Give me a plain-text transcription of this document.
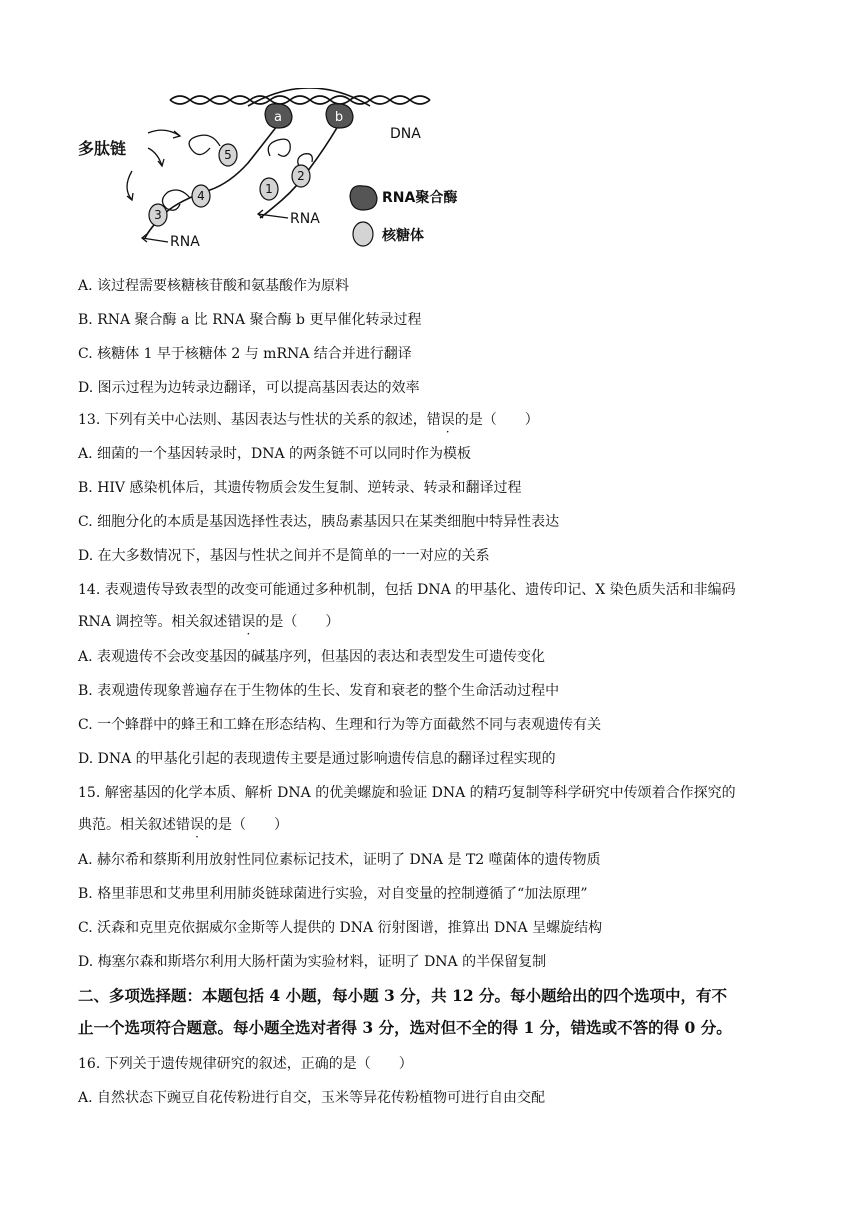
a	b
5
4
3
2
1
多肽链
DNA
RNA
RNA
RNA聚合酶
核糖体
A. 该过程需要核糖核苷酸和氨基酸作为原料
B. RNA 聚合酶 a 比 RNA 聚合酶 b 更早催化转录过程
C. 核糖体 1 早于核糖体 2 与 mRNA 结合并进行翻译
D. 图示过程为边转录边翻译，可以提高基因表达的效率
13. 下列有关中心法则、基因表达与性状的关系的叙述，错误的是（　　）
A. 细菌的一个基因转录时，DNA 的两条链不可以同时作为模板
B. HIV 感染机体后，其遗传物质会发生复制、逆转录、转录和翻译过程
C. 细胞分化的本质是基因选择性表达，胰岛素基因只在某类细胞中特异性表达
D. 在大多数情况下，基因与性状之间并不是简单的一一对应的关系
14. 表观遗传导致表型的改变可能通过多种机制，包括 DNA 的甲基化、遗传印记、X 染色质失活和非编码
RNA 调控等。相关叙述错误的是（　　）
A. 表观遗传不会改变基因的碱基序列，但基因的表达和表型发生可遗传变化
B. 表观遗传现象普遍存在于生物体的生长、发育和衰老的整个生命活动过程中
C. 一个蜂群中的蜂王和工蜂在形态结构、生理和行为等方面截然不同与表观遗传有关
D. DNA 的甲基化引起的表现遗传主要是通过影响遗传信息的翻译过程实现的
15. 解密基因的化学本质、解析 DNA 的优美螺旋和验证 DNA 的精巧复制等科学研究中传颂着合作探究的
典范。相关叙述错误的是（　　）
A. 赫尔希和蔡斯利用放射性同位素标记技术，证明了 DNA 是 T2 噬菌体的遗传物质
B. 格里菲思和艾弗里利用肺炎链球菌进行实验，对自变量的控制遵循了“加法原理”
C. 沃森和克里克依据威尔金斯等人提供的 DNA 衍射图谱，推算出 DNA 呈螺旋结构
D. 梅塞尔森和斯塔尔利用大肠杆菌为实验材料，证明了 DNA 的半保留复制
二、多项选择题：本题包括 4 小题，每小题 3 分，共 12 分。每小题给出的四个选项中，有不
止一个选项符合题意。每小题全选对者得 3 分，选对但不全的得 1 分，错选或不答的得 0 分。
16. 下列关于遗传规律研究的叙述，正确的是（　　）
A. 自然状态下豌豆自花传粉进行自交，玉米等异花传粉植物可进行自由交配
